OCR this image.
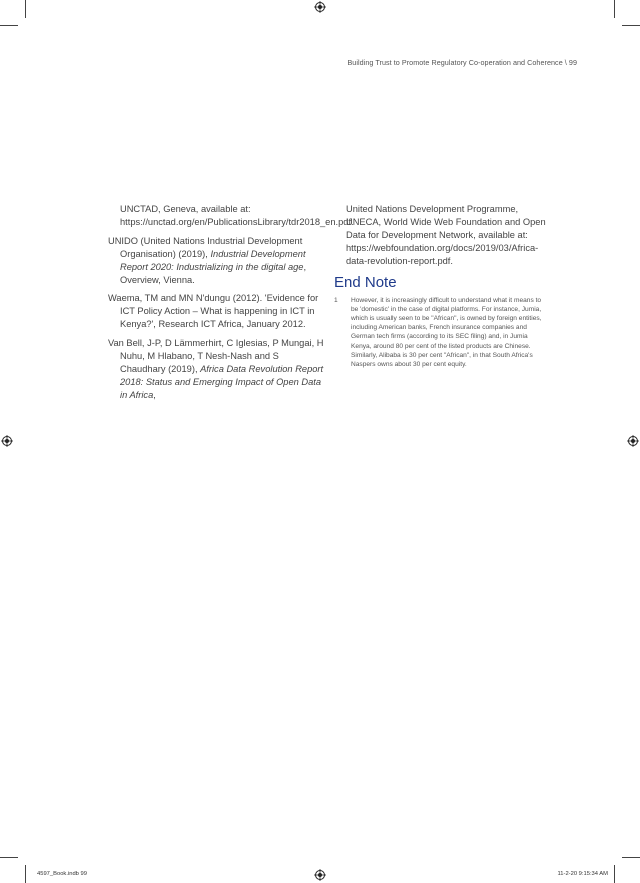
Building Trust to Promote Regulatory Co-operation and Coherence \ 99

UNCTAD, Geneva, available at: https://unctad.org/en/PublicationsLibrary/tdr2018_en.pdf.

UNIDO (United Nations Industrial Development Organisation) (2019), Industrial Development Report 2020: Industrializing in the digital age, Overview, Vienna.

Waema, TM and MN N'dungu (2012). 'Evidence for ICT Policy Action – What is happening in ICT in Kenya?', Research ICT Africa, January 2012.

Van Bell, J-P, D Lämmerhirt, C Iglesias, P Mungai, H Nuhu, M Hlabano, T Nesh-Nash and S Chaudhary (2019), Africa Data Revolution Report 2018: Status and Emerging Impact of Open Data in Africa,

United Nations Development Programme, UNECA, World Wide Web Foundation and Open Data for Development Network, available at: https://webfoundation.org/docs/2019/03/Africa-data-revolution-report.pdf.

End Note
1 However, it is increasingly difficult to understand what it means to be 'domestic' in the case of digital platforms. For instance, Jumia, which is usually seen to be "African", is owned by foreign entities, including American banks, French insurance companies and German tech firms (according to its SEC filing) and, in Jumia Kenya, around 80 per cent of the listed products are Chinese. Similarly, Alibaba is 30 per cent "African", in that South Africa's Naspers owns about 30 per cent equity.
4597_Book.indb 99	11-2-20 9:15:34 AM
